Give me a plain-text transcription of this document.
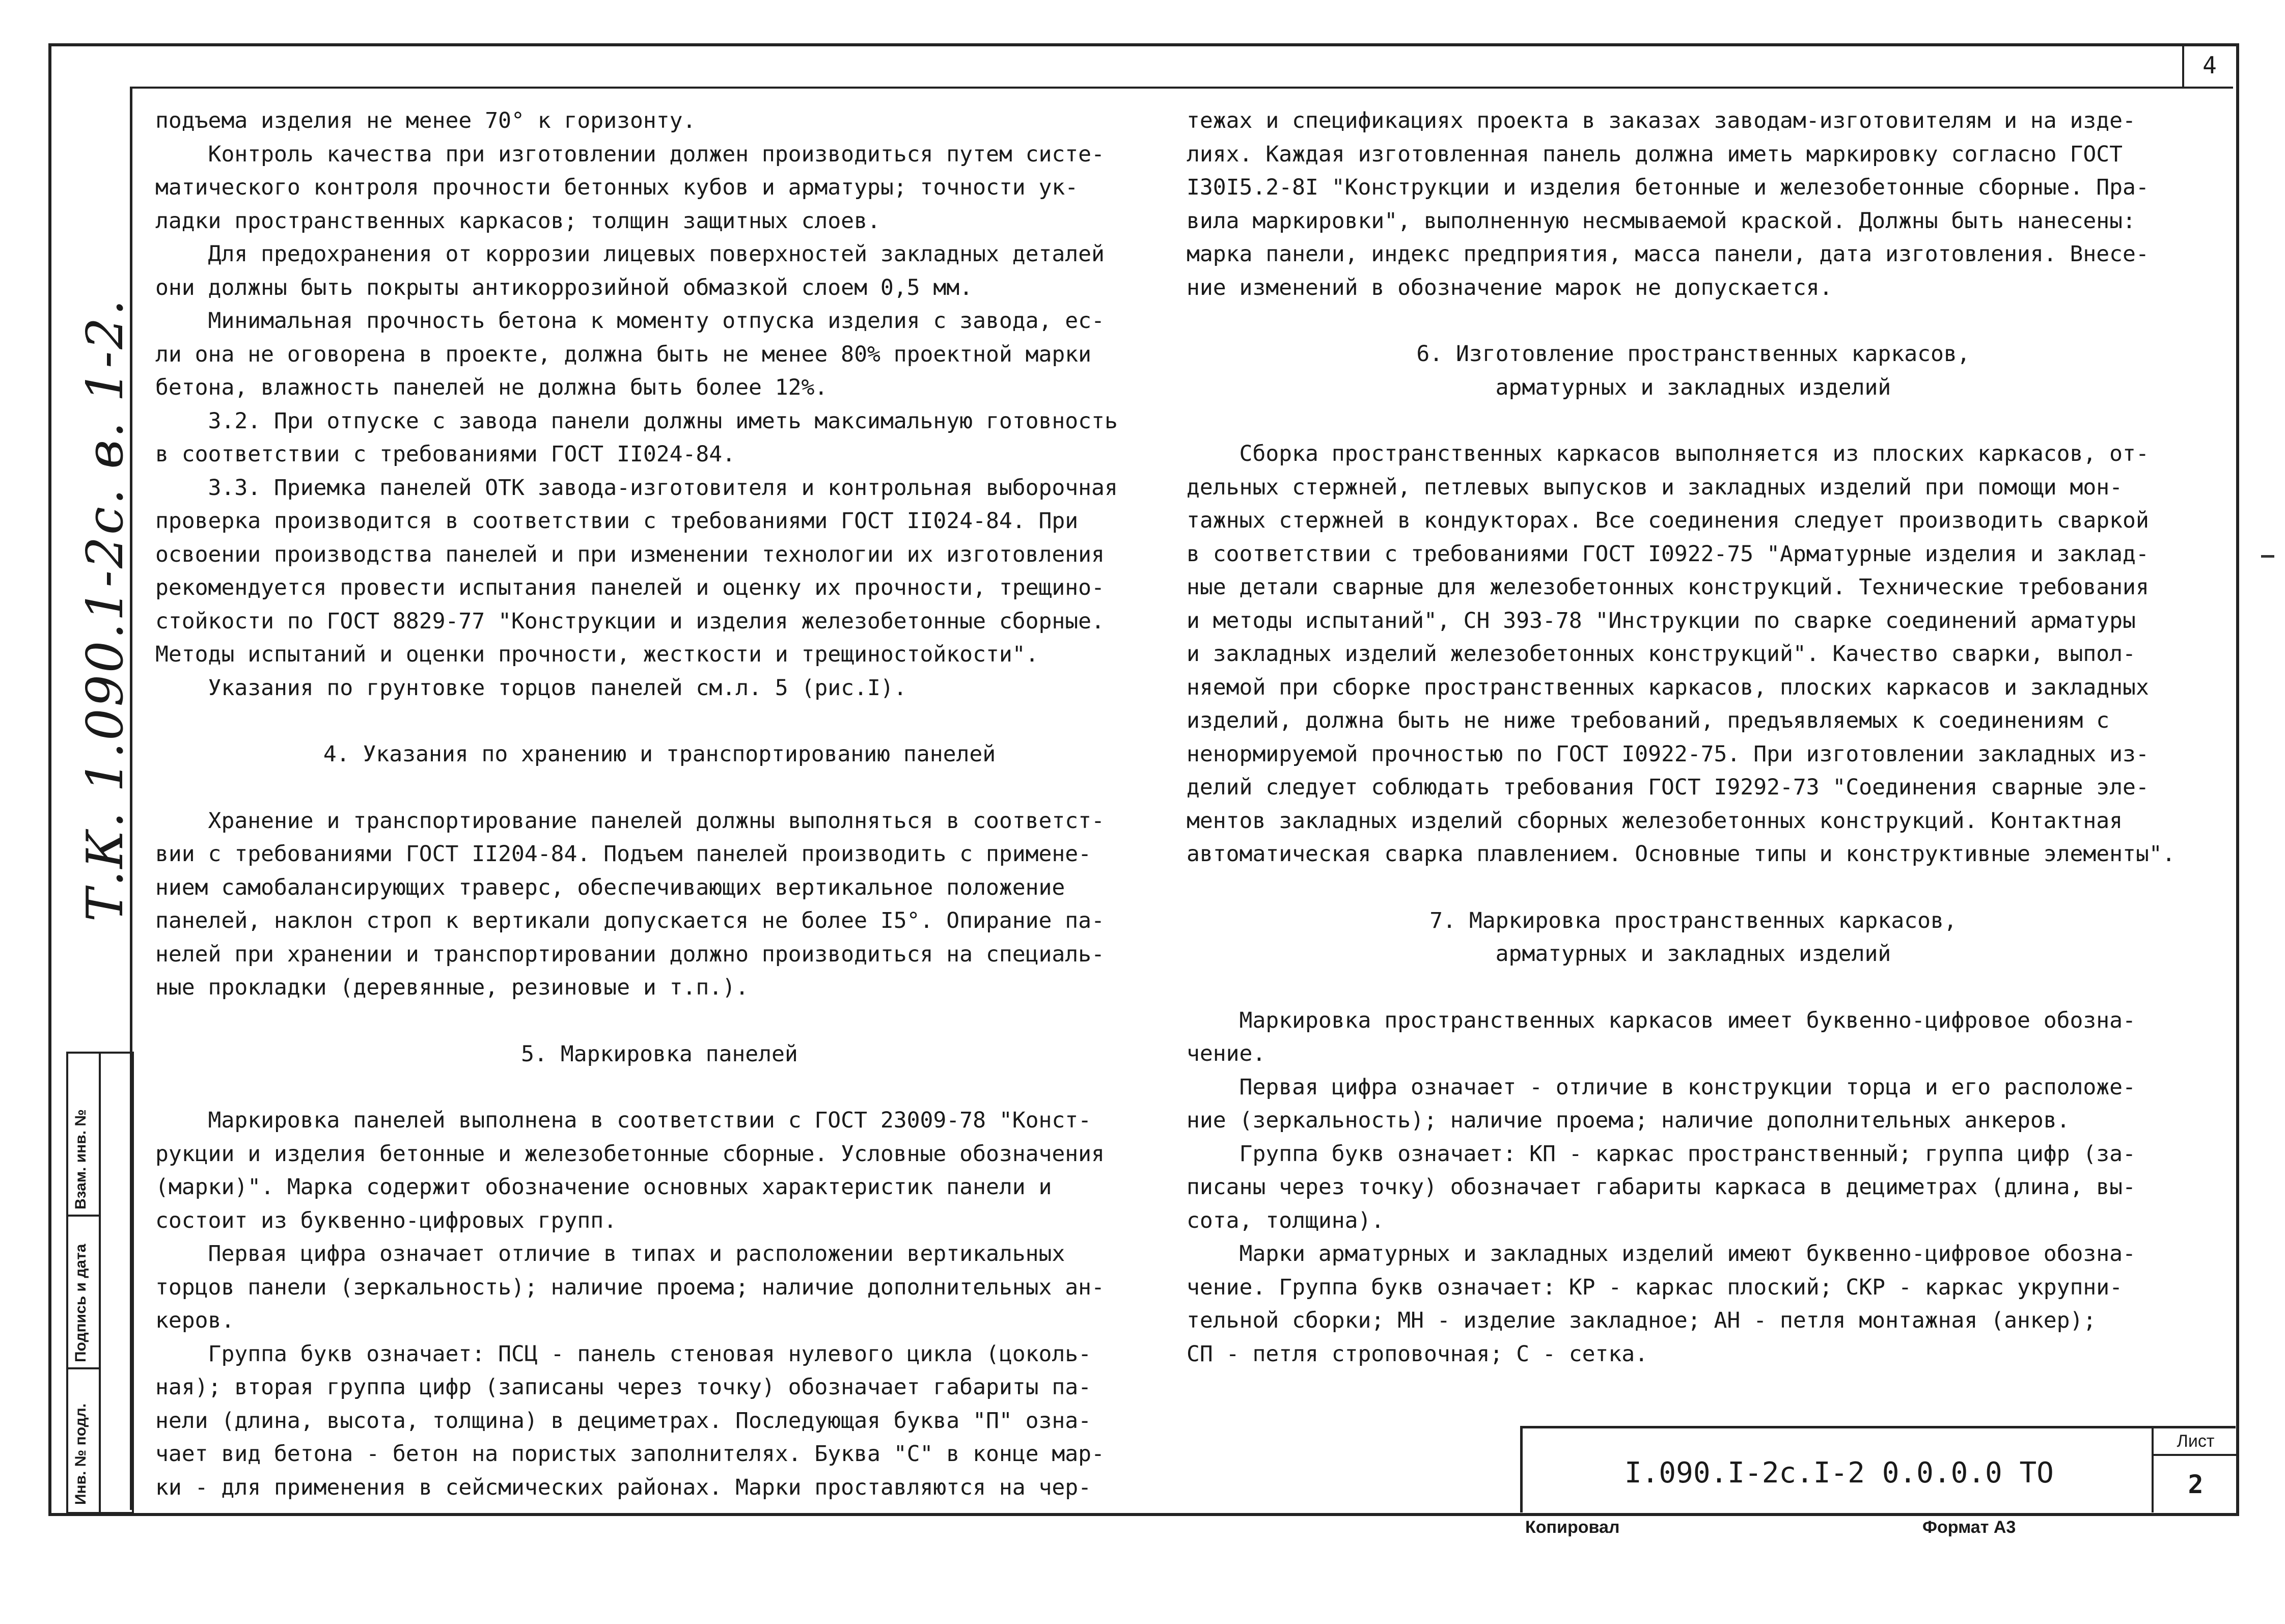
4
Т.К. 1.090.1-2с. в. 1-2.
Инв. № подл.
Подпись и дата
Взам. инв. №

подъема изделия не менее 70° к горизонту.

Контроль качества при изготовлении должен производиться путем систе-

матического контроля прочности бетонных кубов и арматуры; точности ук-

ладки пространственных каркасов; толщин защитных слоев.

Для предохранения от коррозии лицевых поверхностей закладных деталей

они должны быть покрыты антикоррозийной обмазкой слоем 0,5 мм.

Минимальная прочность бетона к моменту отпуска изделия с завода, ес-

ли она не оговорена в проекте, должна быть не менее 80% проектной марки

бетона, влажность панелей не должна быть более 12%.

3.2. При отпуске с завода панели должны иметь максимальную готовность

в соответствии с требованиями ГОСТ II024-84.

3.3. Приемка панелей ОТК завода-изготовителя и контрольная выборочная

проверка производится в соответствии с требованиями ГОСТ II024-84. При

освоении производства панелей и при изменении технологии их изготовления

рекомендуется провести испытания панелей и оценку их прочности, трещино-

стойкости по ГОСТ 8829-77 "Конструкции и изделия железобетонные сборные.

Методы испытаний и оценки прочности, жесткости и трещиностойкости".

Указания по грунтовке торцов панелей см.л. 5 (рис.I).

4. Указания по хранению и транспортированию панелей

Хранение и транспортирование панелей должны выполняться в соответст-

вии с требованиями ГОСТ II204-84. Подъем панелей производить с примене-

нием самобалансирующих траверс, обеспечивающих вертикальное положение

панелей, наклон строп к вертикали допускается не более I5°. Опирание па-

нелей при хранении и транспортировании должно производиться на специаль-

ные прокладки (деревянные, резиновые и т.п.).

5. Маркировка панелей

Маркировка панелей выполнена в соответствии с ГОСТ 23009-78 "Конст-

рукции и изделия бетонные и железобетонные сборные. Условные обозначения

(марки)". Марка содержит обозначение основных характеристик панели и

состоит из буквенно-цифровых групп.

Первая цифра означает отличие в типах и расположении вертикальных

торцов панели (зеркальность); наличие проема; наличие дополнительных ан-

керов.

Группа букв означает: ПСЦ - панель стеновая нулевого цикла (цоколь-

ная); вторая группа цифр (записаны через точку) обозначает габариты па-

нели (длина, высота, толщина) в дециметрах. Последующая буква "П" озна-

чает вид бетона - бетон на пористых заполнителях. Буква "С" в конце мар-

ки - для применения в сейсмических районах. Марки проставляются на чер-

тежах и спецификациях проекта в заказах заводам-изготовителям и на изде-

лиях. Каждая изготовленная панель должна иметь маркировку согласно ГОСТ

I30I5.2-8I "Конструкции и изделия бетонные и железобетонные сборные. Пра-

вила маркировки", выполненную несмываемой краской. Должны быть нанесены:

марка панели, индекс предприятия, масса панели, дата изготовления. Внесе-

ние изменений в обозначение марок не допускается.

6. Изготовление пространственных каркасов,

арматурных и закладных изделий

Сборка пространственных каркасов выполняется из плоских каркасов, от-

дельных стержней, петлевых выпусков и закладных изделий при помощи мон-

тажных стержней в кондукторах. Все соединения следует производить сваркой

в соответствии с требованиями ГОСТ I0922-75 "Арматурные изделия и заклад-

ные детали сварные для железобетонных конструкций. Технические требования

и методы испытаний", СН 393-78 "Инструкции по сварке соединений арматуры

и закладных изделий железобетонных конструкций". Качество сварки, выпол-

няемой при сборке пространственных каркасов, плоских каркасов и закладных

изделий, должна быть не ниже требований, предъявляемых к соединениям с

ненормируемой прочностью по ГОСТ I0922-75. При изготовлении закладных из-

делий следует соблюдать требования ГОСТ I9292-73 "Соединения сварные эле-

ментов закладных изделий сборных железобетонных конструкций. Контактная

автоматическая сварка плавлением. Основные типы и конструктивные элементы".

7. Маркировка пространственных каркасов,

арматурных и закладных изделий

Маркировка пространственных каркасов имеет буквенно-цифровое обозна-

чение.

Первая цифра означает - отличие в конструкции торца и его расположе-

ние (зеркальность); наличие проема; наличие дополнительных анкеров.

Группа букв означает: КП - каркас пространственный; группа цифр (за-

писаны через точку) обозначает габариты каркаса в дециметрах (длина, вы-

сота, толщина).

Марки арматурных и закладных изделий имеют буквенно-цифровое обозна-

чение. Группа букв означает: КР - каркас плоский; СКР - каркас укрупни-

тельной сборки; МН - изделие закладное; АН - петля монтажная (анкер);

СП - петля строповочная; С - сетка.

I.090.I-2с.I-2 0.0.0.0 ТО
Лист
2
Копировал	Формат А3
